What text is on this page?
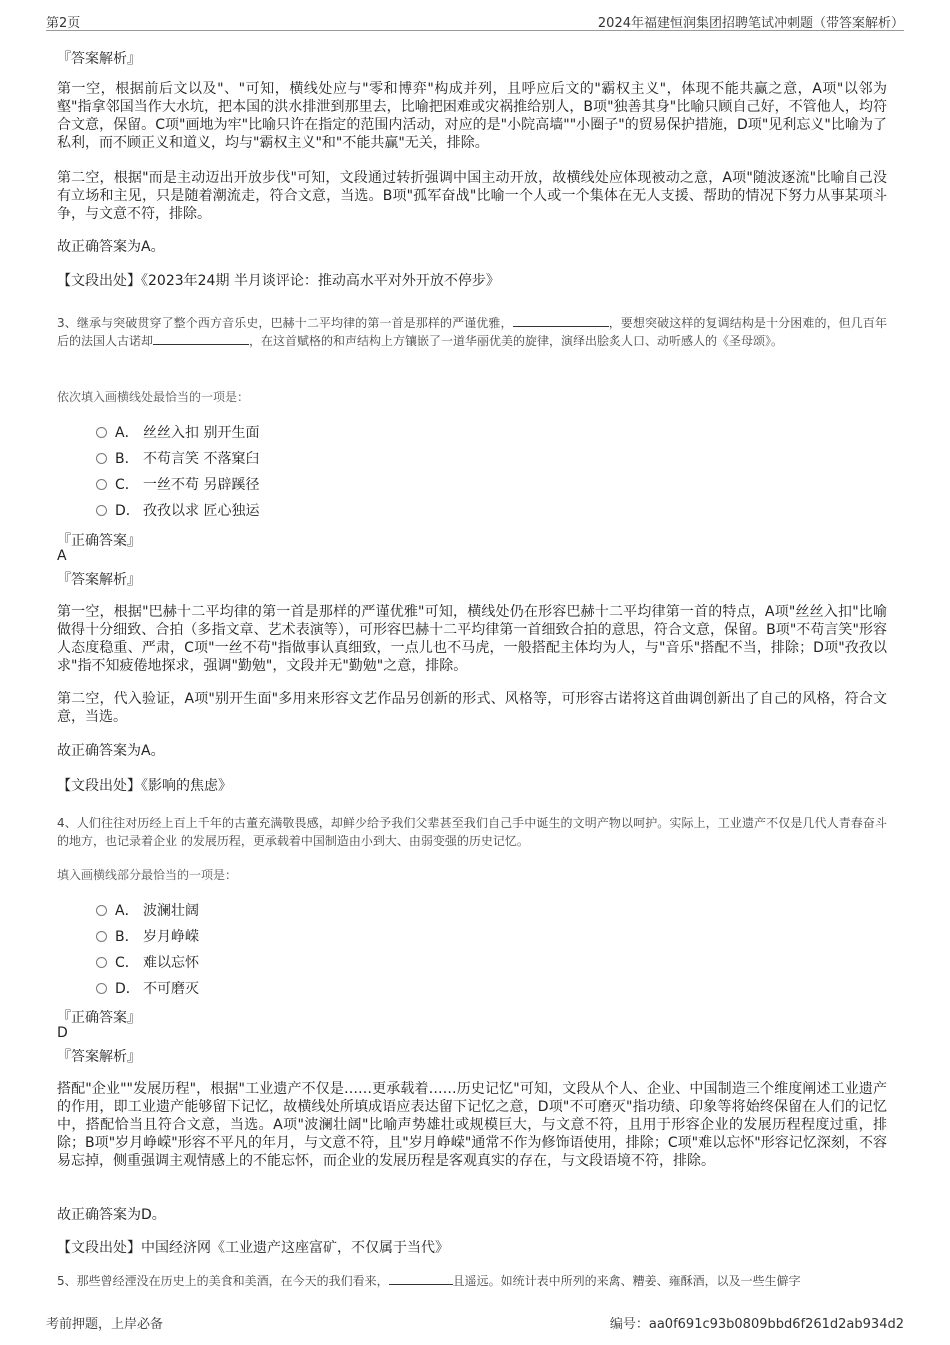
第2页	2024年福建恒润集团招聘笔试冲刺题（带答案解析）
『答案解析』
第一空，根据前后文以及"、"可知，横线处应与"零和博弈"构成并列，且呼应后文的"霸权主义"，体现不能共赢之意，A项"以邻为壑"指拿邻国当作大水坑，把本国的洪水排泄到那里去，比喻把困难或灾祸推给别人，B项"独善其身"比喻只顾自己好，不管他人，均符合文意，保留。C项"画地为牢"比喻只许在指定的范围内活动，对应的是"小院高墙""小圈子"的贸易保护措施，D项"见利忘义"比喻为了私利，而不顾正义和道义，均与"霸权主义"和"不能共赢"无关，排除。
第二空，根据"而是主动迈出开放步伐"可知，文段通过转折强调中国主动开放，故横线处应体现被动之意，A项"随波逐流"比喻自己没有立场和主见，只是随着潮流走，符合文意，当选。B项"孤军奋战"比喻一个人或一个集体在无人支援、帮助的情况下努力从事某项斗争，与文意不符，排除。
故正确答案为A。
【文段出处】《2023年24期 半月谈评论：推动高水平对外开放不停步》
3、继承与突破贯穿了整个西方音乐史，巴赫十二平均律的第一首是那样的严谨优雅，	，要想突破这样的复调结构是十分困难的，但几百年后的法国人古诺却	，在这首赋格的和声结构上方镶嵌了一道华丽优美的旋律，演绎出脍炙人口、动听感人的《圣母颂》。
依次填入画横线处最恰当的一项是：
A． 丝丝入扣 别开生面
B． 不苟言笑 不落窠臼
C． 一丝不苟 另辟蹊径
D． 孜孜以求 匠心独运
『正确答案』
A
『答案解析』
第一空，根据"巴赫十二平均律的第一首是那样的严谨优雅"可知，横线处仍在形容巴赫十二平均律第一首的特点，A项"丝丝入扣"比喻做得十分细致、合拍（多指文章、艺术表演等），可形容巴赫十二平均律第一首细致合拍的意思，符合文意，保留。B项"不苟言笑"形容人态度稳重、严肃，C项"一丝不苟"指做事认真细致，一点儿也不马虎，一般搭配主体均为人，与"音乐"搭配不当，排除；D项"孜孜以求"指不知疲倦地探求，强调"勤勉"，文段并无"勤勉"之意，排除。
第二空，代入验证，A项"别开生面"多用来形容文艺作品另创新的形式、风格等，可形容古诺将这首曲调创新出了自己的风格，符合文意，当选。
故正确答案为A。
【文段出处】《影响的焦虑》
4、人们往往对历经上百上千年的古董充满敬畏感，却鲜少给予我们父辈甚至我们自己手中诞生的文明产物以呵护。实际上，工业遗产不仅是几代人青春奋斗的地方，也记录着企业 的发展历程，更承载着中国制造由小到大、由弱变强的历史记忆。
填入画横线部分最恰当的一项是：
A． 波澜壮阔
B． 岁月峥嵘
C． 难以忘怀
D． 不可磨灭
『正确答案』
D
『答案解析』
搭配"企业""发展历程"，根据"工业遗产不仅是……更承载着……历史记忆"可知，文段从个人、企业、中国制造三个维度阐述工业遗产的作用，即工业遗产能够留下记忆，故横线处所填成语应表达留下记忆之意，D项"不可磨灭"指功绩、印象等将始终保留在人们的记忆中，搭配恰当且符合文意，当选。A项"波澜壮阔"比喻声势雄壮或规模巨大，与文意不符，且用于形容企业的发展历程程度过重，排除；B项"岁月峥嵘"形容不平凡的年月，与文意不符，且"岁月峥嵘"通常不作为修饰语使用，排除；C项"难以忘怀"形容记忆深刻，不容易忘掉，侧重强调主观情感上的不能忘怀，而企业的发展历程是客观真实的存在，与文段语境不符，排除。
故正确答案为D。
【文段出处】中国经济网《工业遗产这座富矿，不仅属于当代》
5、那些曾经湮没在历史上的美食和美酒，在今天的我们看来，	且遥远。如统计表中所列的来禽、糟姜、雍酥酒，以及一些生僻字
考前押题，上岸必备	编号：aa0f691c93b0809bbd6f261d2ab934d2
